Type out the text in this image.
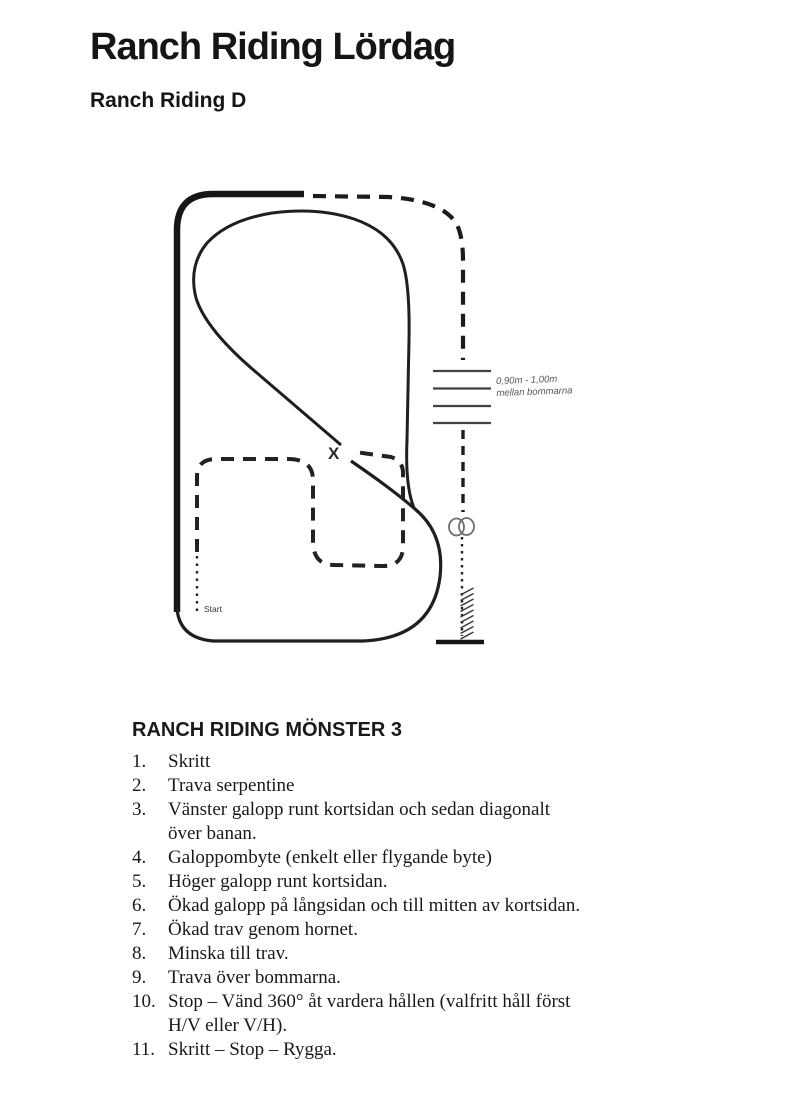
Ranch Riding Lördag
Ranch Riding D
0,90m - 1,00m
mellan bommarna
X
Start
RANCH RIDING MÖNSTER 3
1.	Skritt
2.	Trava serpentine
3.	Vänster galopp runt kortsidan och sedan diagonalt
över banan.
4.	Galoppombyte (enkelt eller flygande byte)
5.	Höger galopp runt kortsidan.
6.	Ökad galopp på långsidan och till mitten av kortsidan.
7.	Ökad trav genom hornet.
8.	Minska till trav.
9.	Trava över bommarna.
10. Stop – Vänd 360° åt vardera hållen (valfritt håll först
H/V eller V/H).
11. Skritt – Stop – Rygga.
